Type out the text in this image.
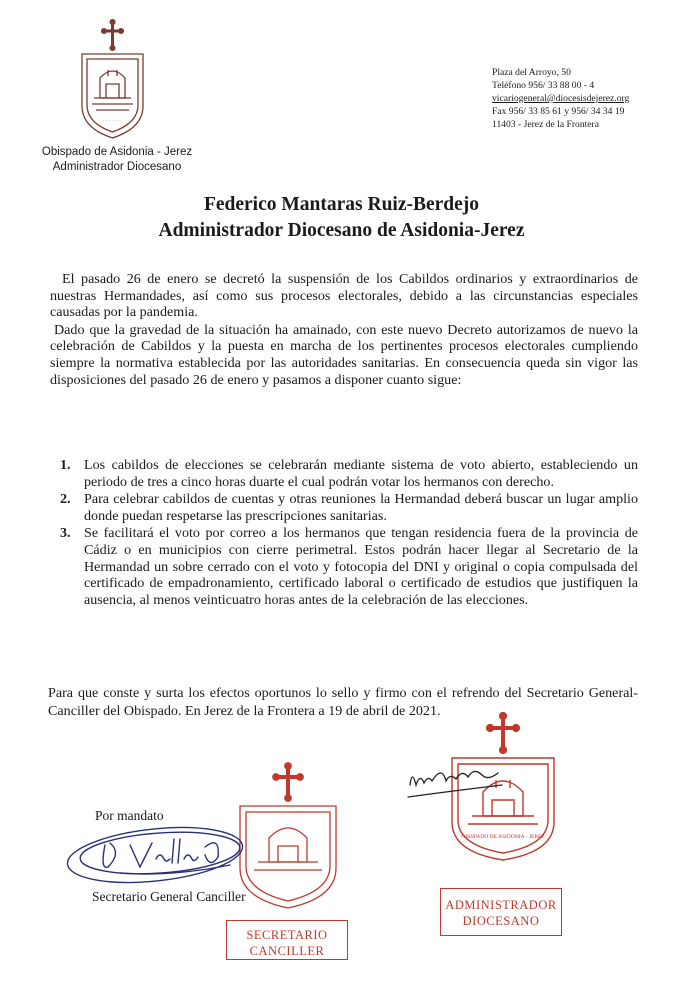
· · · · · · ·
Obispado de Asidonia - Jerez
Administrador Diocesano
Plaza del Arroyo, 50
Teléfono 956/ 33 88 00 - 4
vicariogeneral@diocesisdejerez.org
Fax 956/ 33 85 61 y 956/ 34 34 19
11403 - Jerez de la Frontera
Federico Mantaras Ruiz-Berdejo
Administrador Diocesano de Asidonia-Jerez

El pasado 26 de enero se decretó la suspensión de los Cabildos ordinarios y extraordinarios de nuestras Hermandades, así como sus procesos electorales, debido a las circunstancias especiales causadas por la pandemia.

Dado que la gravedad de la situación ha amainado, con este nuevo Decreto autorizamos de nuevo la celebración de Cabildos y la puesta en marcha de los pertinentes procesos electorales cumpliendo siempre la normativa establecida por las autoridades sanitarias. En consecuencia queda sin vigor las disposiciones del pasado 26 de enero y pasamos a disponer cuanto sigue:

1. Los cabildos de elecciones se celebrarán mediante sistema de voto abierto, estableciendo un periodo de tres a cinco horas duarte el cual podrán votar los hermanos con derecho.
2. Para celebrar cabildos de cuentas y otras reuniones la Hermandad deberá buscar un lugar amplio donde puedan respetarse las prescripciones sanitarias.
3. Se facilitará el voto por correo a los hermanos que tengan residencia fuera de la provincia de Cádiz o en municipios con cierre perimetral. Estos podrán hacer llegar al Secretario de la Hermandad un sobre cerrado con el voto y fotocopia del DNI y original o copia compulsada del certificado de empadronamiento, certificado laboral o certificado de estudios que justifiquen la ausencia, al menos veinticuatro horas antes de la celebración de las elecciones.
Para que conste y surta los efectos oportunos lo sello y firmo con el refrendo del Secretario General-Canciller del Obispado. En Jerez de la Frontera a 19 de abril de 2021.
OBISPADO DE ASIDONIA - JEREZ
SECRETARIO
CANCILLER
ADMINISTRADOR
DIOCESANO
Por mandato
Secretario General Canciller
